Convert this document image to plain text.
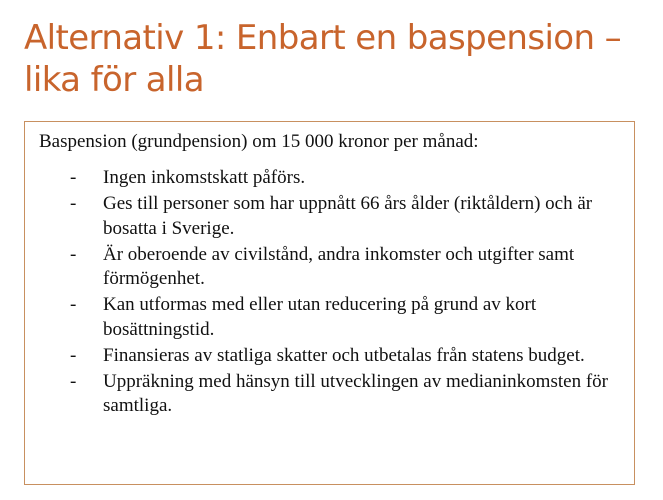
Alternativ 1: Enbart en baspension – lika för alla

Baspension (grundpension) om 15 000 kronor per månad:

- Ingen inkomstskatt påförs.
- Ges till personer som har uppnått 66 års ålder (riktåldern) och är bosatta i Sverige.
- Är oberoende av civilstånd, andra inkomster och utgifter samt förmögenhet.
- Kan utformas med eller utan reducering på grund av kort bosättningstid.
- Finansieras av statliga skatter och utbetalas från statens budget.
- Uppräkning med hänsyn till utvecklingen av medianinkomsten för samtliga.
